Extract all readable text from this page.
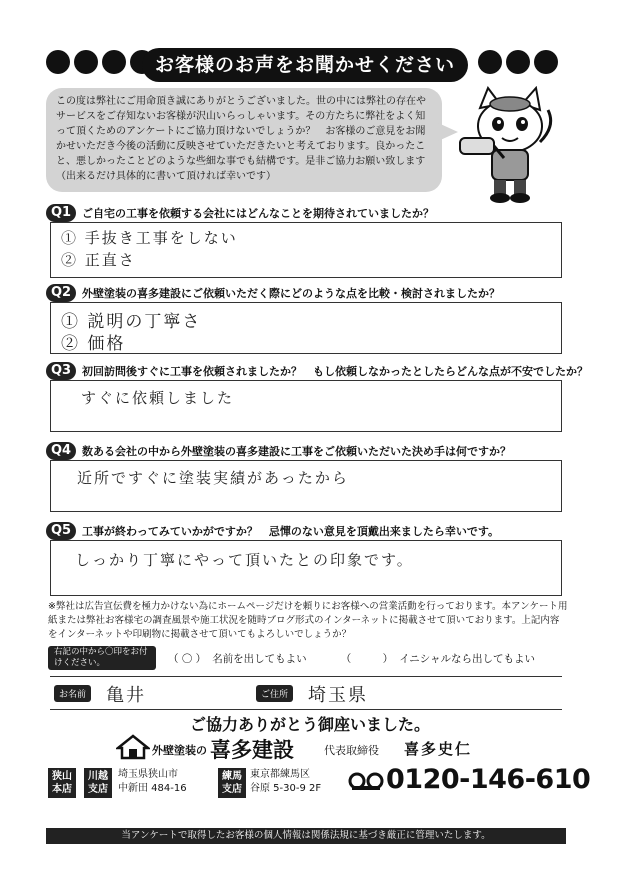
お客様のお声をお聞かせください
この度は弊社にご用命頂き誠にありがとうございました。世の中には弊社の存在やサービスをご存知ないお客様が沢山いらっしゃいます。その方たちに弊社をよく知って頂くためのアンケートにご協力頂けないでしょうか？　お客様のご意見をお聞かせいただき今後の活動に反映させていただきたいと考えております。良かったこと、悪しかったことどのような些細な事でも結構です。是非ご協力お願い致します（出来るだけ具体的に書いて頂ければ幸いです）
Q1 ご自宅の工事を依頼する会社にはどんなことを期待されていましたか？
① 手抜き工事をしない
② 正直さ
Q2 外壁塗装の喜多建設にご依頼いただく際にどのような点を比較・検討されましたか？
① 説明の丁寧さ
② 価格
Q3 初回訪問後すぐに工事を依頼されましたか？　もし依頼しなかったとしたらどんな点が不安でしたか？
すぐに依頼しました
Q4 数ある会社の中から外壁塗装の喜多建設に工事をご依頼いただいた決め手は何ですか？
近所ですぐに塗装実績があったから
Q5 工事が終わってみていかがですか？　忌憚のない意見を頂戴出来ましたら幸いです。
しっかり丁寧にやって頂いたとの印象です。
※弊社は広告宣伝費を極力かけない為にホームページだけを頼りにお客様への営業活動を行っております。本アンケート用紙または弊社お客様宅の調査風景や施工状況を随時ブログ形式のインターネットに掲載させて頂いております。上記内容をインターネットや印刷物に掲載させて頂いてもよろしいでしょうか？
右記の中から〇印をお付けください。	（ 〇 ） 名前を出してもよい	（　　　） イニシャルなら出してもよい
お名前 亀井	ご住所 埼玉県
ご協力ありがとう御座いました。
外壁塗装の 喜多建設	代表取締役 喜多史仁
狭山本店
川越支店
埼玉県狭山市
中新田 484-16
練馬支店
東京都練馬区
谷原 5-30-9 2F 0120-146-610
当アンケートで取得したお客様の個人情報は関係法規に基づき厳正に管理いたします。
